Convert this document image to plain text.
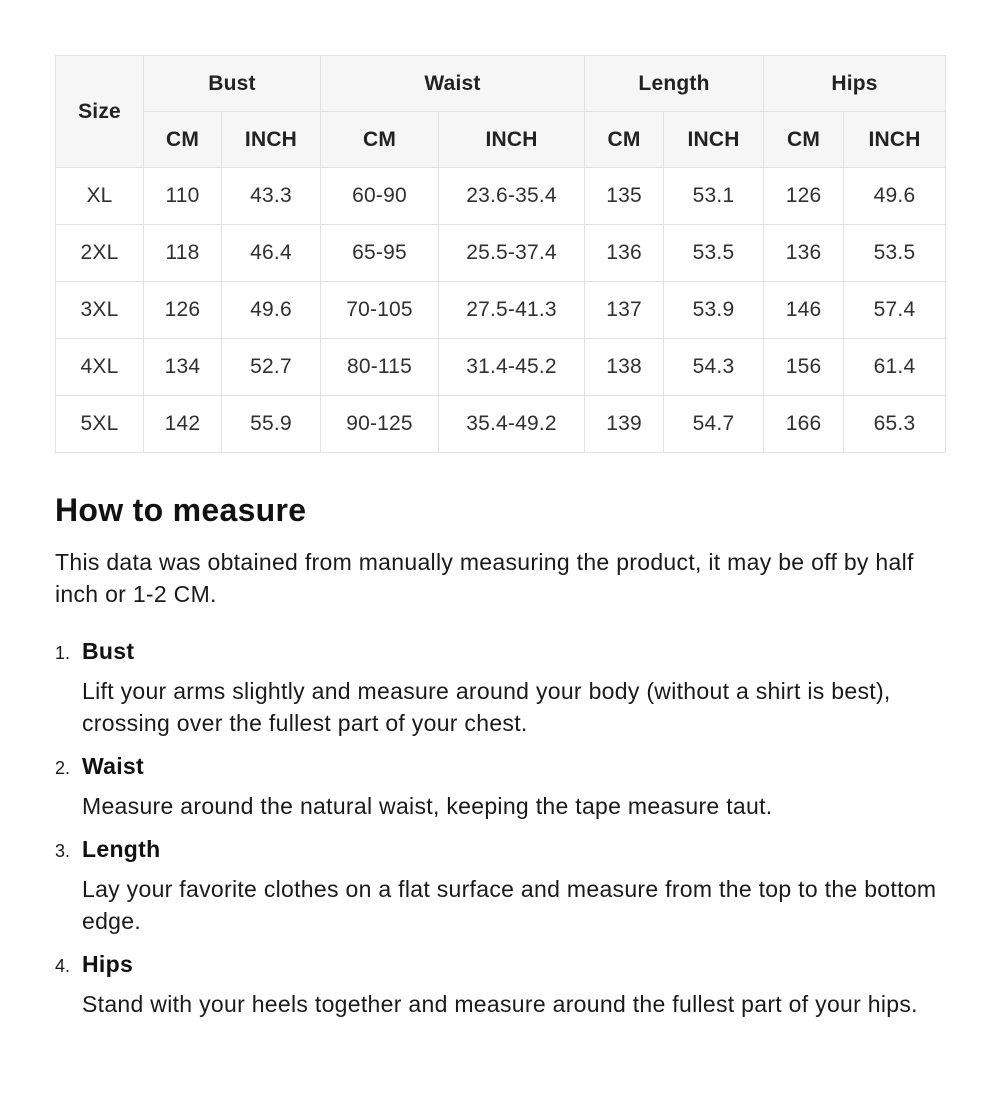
Size	Bust		Waist		Length		Hips	
	CM	INCH	CM	INCH	CM	INCH	CM	INCH
XL	110	43.3	60-90	23.6-35.4	135	53.1	126	49.6
2XL	118	46.4	65-95	25.5-37.4	136	53.5	136	53.5
3XL	126	49.6	70-105	27.5-41.3	137	53.9	146	57.4
4XL	134	52.7	80-115	31.4-45.2	138	54.3	156	61.4
5XL	142	55.9	90-125	35.4-49.2	139	54.7	166	65.3
How to measure

This data was obtained from manually measuring the product, it may be off by half inch or 1-2 CM.

1. Bust

Lift your arms slightly and measure around your body (without a shirt is best), crossing over the fullest part of your chest.

2. Waist

Measure around the natural waist, keeping the tape measure taut.

3. Length

Lay your favorite clothes on a flat surface and measure from the top to the bottom edge.

4. Hips

Stand with your heels together and measure around the fullest part of your hips.
